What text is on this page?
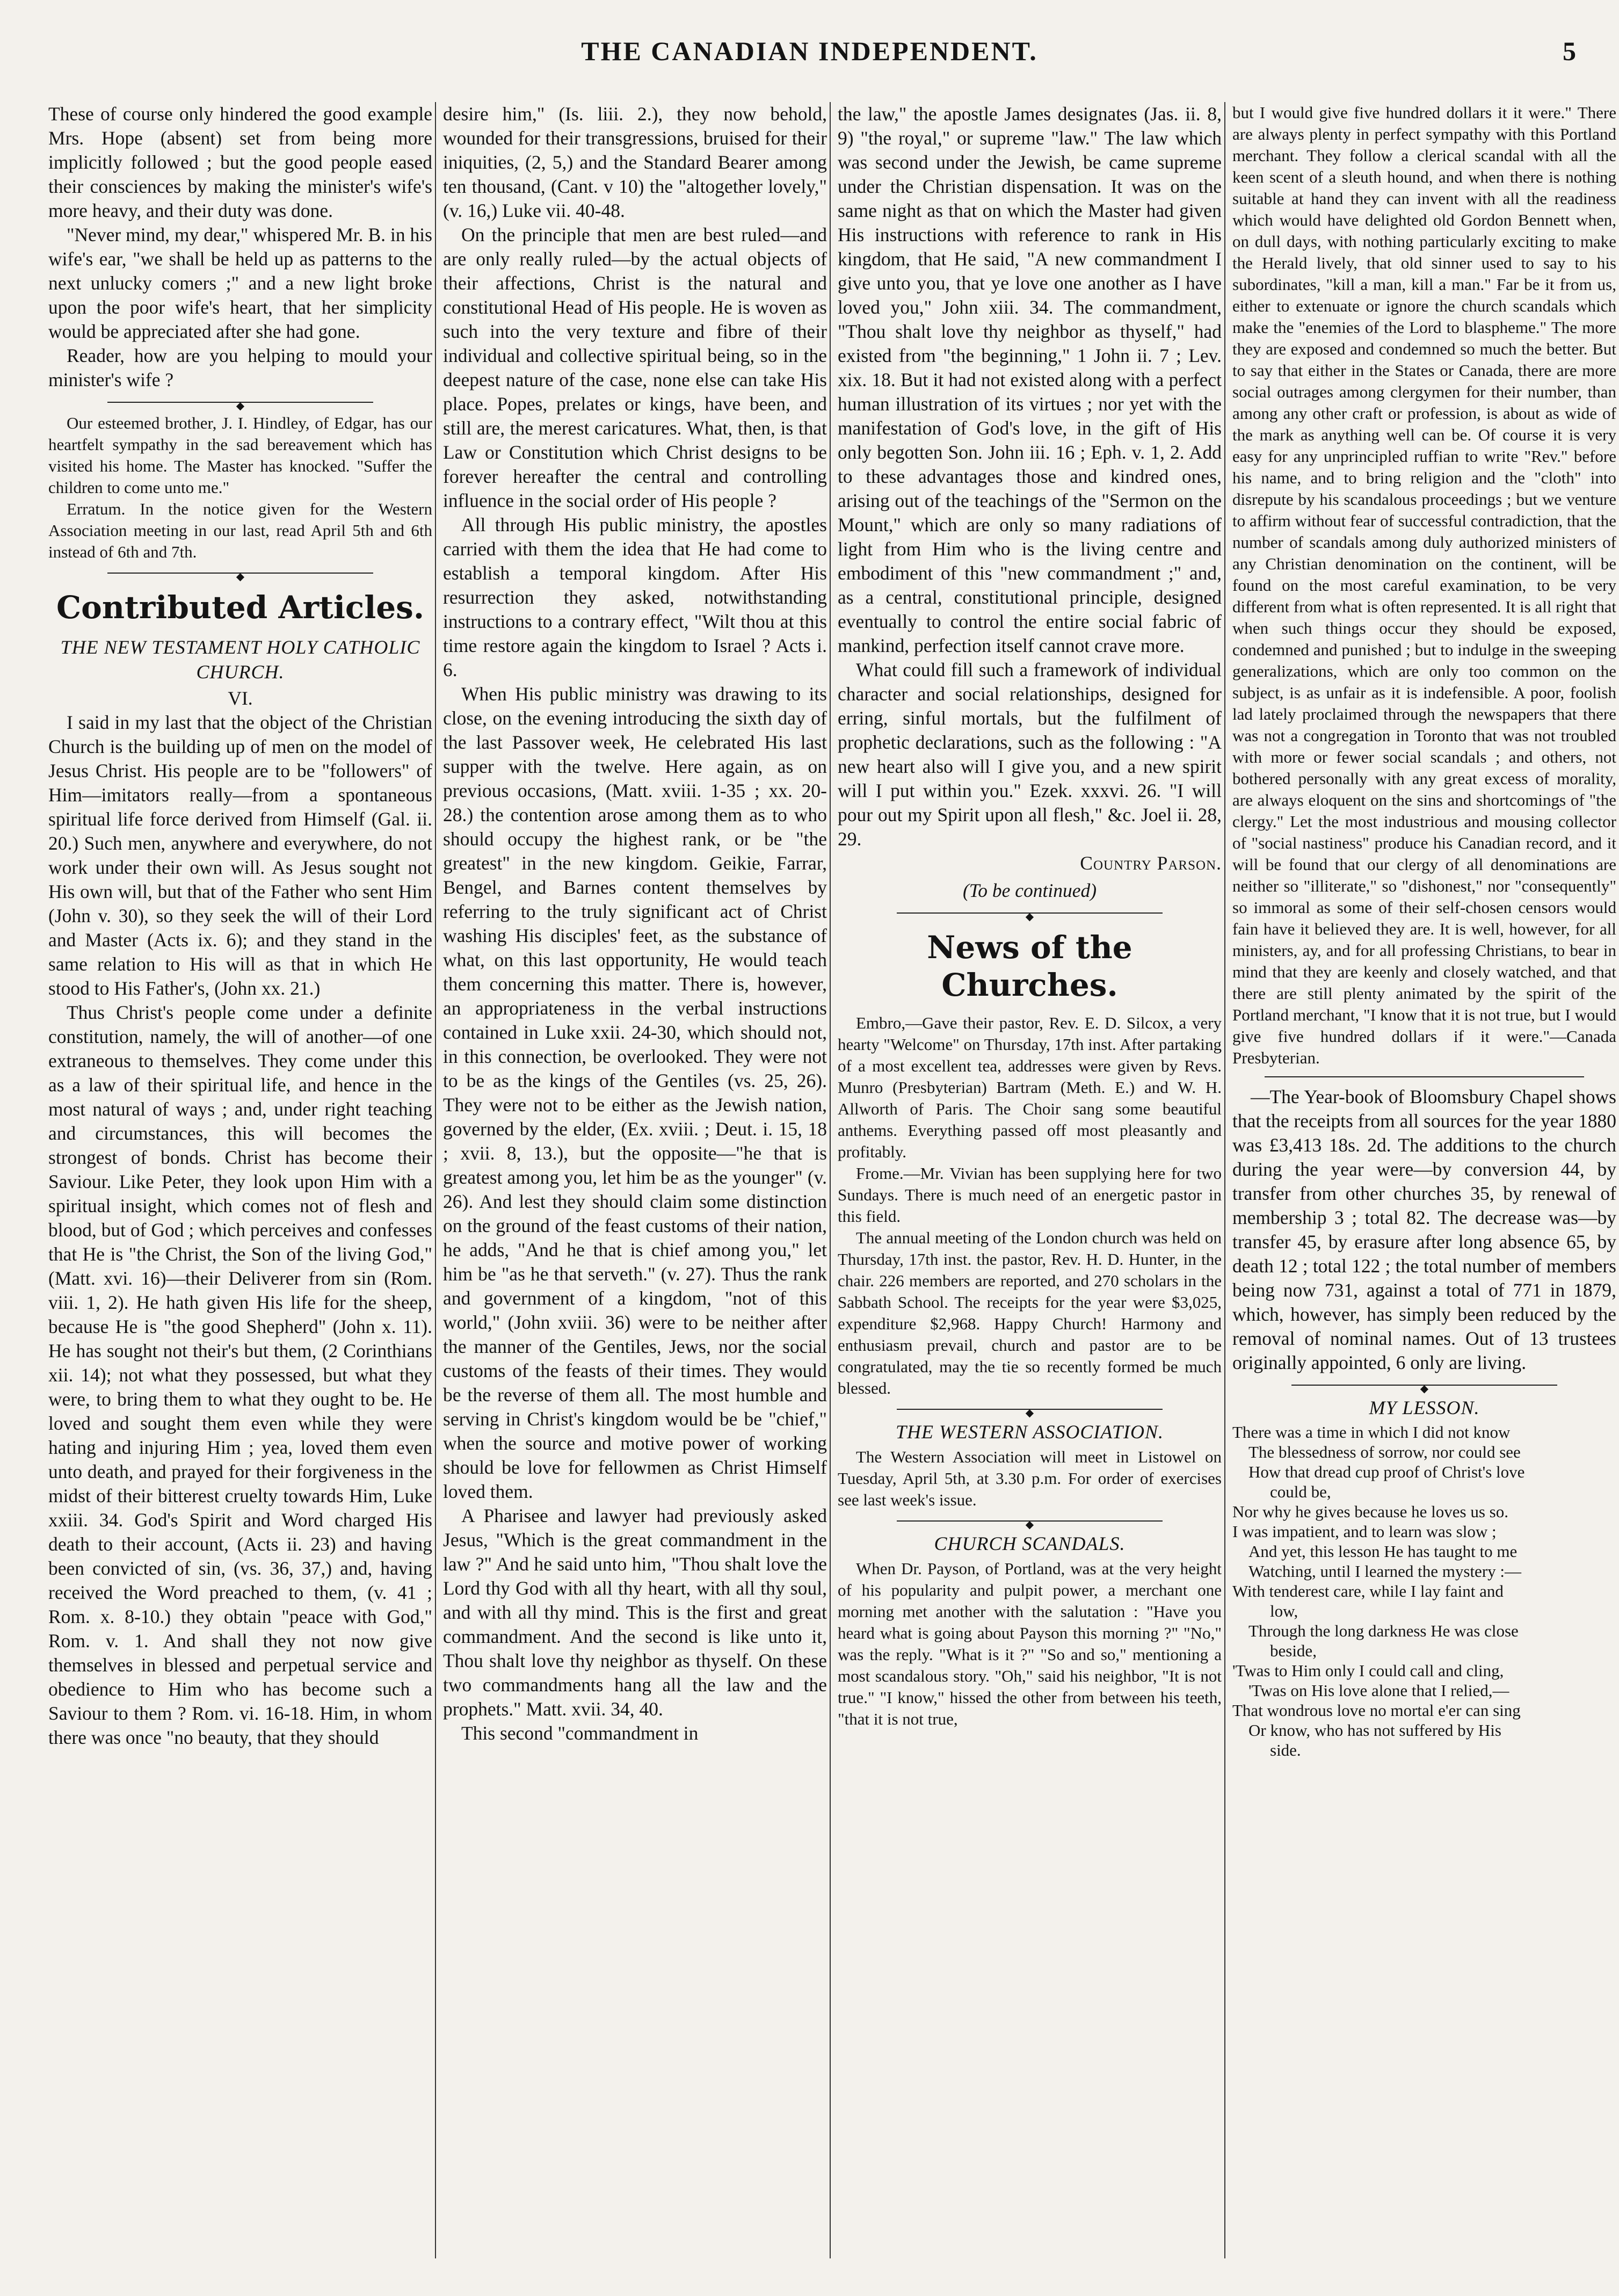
THE CANADIAN INDEPENDENT.	5

These of course only hindered the good example Mrs. Hope (absent) set from being more implicitly followed ; but the good people eased their consciences by making the minister's wife's more heavy, and their duty was done.

"Never mind, my dear," whispered Mr. B. in his wife's ear, "we shall be held up as patterns to the next unlucky comers ;" and a new light broke upon the poor wife's heart, that her simplicity would be appreciated after she had gone.

Reader, how are you helping to mould your minister's wife ?

◆

Our esteemed brother, J. I. Hindley, of Edgar, has our heartfelt sympathy in the sad bereavement which has visited his home. The Master has knocked. "Suffer the children to come unto me."

Erratum. In the notice given for the Western Association meeting in our last, read April 5th and 6th instead of 6th and 7th.

◆
Contributed Articles.
THE NEW TESTAMENT HOLY CATHOLIC CHURCH.

VI.

I said in my last that the object of the Christian Church is the building up of men on the model of Jesus Christ. His people are to be "followers" of Him—imitators really—from a spontaneous spiritual life force derived from Himself (Gal. ii. 20.) Such men, anywhere and everywhere, do not work under their own will. As Jesus sought not His own will, but that of the Father who sent Him (John v. 30), so they seek the will of their Lord and Master (Acts ix. 6); and they stand in the same relation to His will as that in which He stood to His Father's, (John xx. 21.)

Thus Christ's people come under a definite constitution, namely, the will of another—of one extraneous to themselves. They come under this as a law of their spiritual life, and hence in the most natural of ways ; and, under right teaching and circumstances, this will becomes the strongest of bonds. Christ has become their Saviour. Like Peter, they look upon Him with a spiritual insight, which comes not of flesh and blood, but of God ; which perceives and confesses that He is "the Christ, the Son of the living God," (Matt. xvi. 16)—their Deliverer from sin (Rom. viii. 1, 2). He hath given His life for the sheep, because He is "the good Shepherd" (John x. 11). He has sought not their's but them, (2 Corinthians xii. 14); not what they possessed, but what they were, to bring them to what they ought to be. He loved and sought them even while they were hating and injuring Him ; yea, loved them even unto death, and prayed for their forgiveness in the midst of their bitterest cruelty towards Him, Luke xxiii. 34. God's Spirit and Word charged His death to their account, (Acts ii. 23) and having been convicted of sin, (vs. 36, 37,) and, having received the Word preached to them, (v. 41 ; Rom. x. 8-10.) they obtain "peace with God," Rom. v. 1. And shall they not now give themselves in blessed and perpetual service and obedience to Him who has become such a Saviour to them ? Rom. vi. 16-18. Him, in whom there was once "no beauty, that they should

desire him," (Is. liii. 2.), they now behold, wounded for their transgressions, bruised for their iniquities, (2, 5,) and the Standard Bearer among ten thousand, (Cant. v 10) the "altogether lovely," (v. 16,) Luke vii. 40-48.

On the principle that men are best ruled—and are only really ruled—by the actual objects of their affections, Christ is the natural and constitutional Head of His people. He is woven as such into the very texture and fibre of their individual and collective spiritual being, so in the deepest nature of the case, none else can take His place. Popes, prelates or kings, have been, and still are, the merest caricatures. What, then, is that Law or Constitution which Christ designs to be forever hereafter the central and controlling influence in the social order of His people ?

All through His public ministry, the apostles carried with them the idea that He had come to establish a temporal kingdom. After His resurrection they asked, notwithstanding instructions to a contrary effect, "Wilt thou at this time restore again the kingdom to Israel ? Acts i. 6.

When His public ministry was drawing to its close, on the evening introducing the sixth day of the last Passover week, He celebrated His last supper with the twelve. Here again, as on previous occasions, (Matt. xviii. 1-35 ; xx. 20-28.) the contention arose among them as to who should occupy the highest rank, or be "the greatest" in the new kingdom. Geikie, Farrar, Bengel, and Barnes content themselves by referring to the truly significant act of Christ washing His disciples' feet, as the substance of what, on this last opportunity, He would teach them concerning this matter. There is, however, an appropriateness in the verbal instructions contained in Luke xxii. 24-30, which should not, in this connection, be overlooked. They were not to be as the kings of the Gentiles (vs. 25, 26). They were not to be either as the Jewish nation, governed by the elder, (Ex. xviii. ; Deut. i. 15, 18 ; xvii. 8, 13.), but the opposite—"he that is greatest among you, let him be as the younger" (v. 26). And lest they should claim some distinction on the ground of the feast customs of their nation, he adds, "And he that is chief among you," let him be "as he that serveth." (v. 27). Thus the rank and government of a kingdom, "not of this world," (John xviii. 36) were to be neither after the manner of the Gentiles, Jews, nor the social customs of the feasts of their times. They would be the reverse of them all. The most humble and serving in Christ's kingdom would be be "chief," when the source and motive power of working should be love for fellowmen as Christ Himself loved them.

A Pharisee and lawyer had previously asked Jesus, "Which is the great commandment in the law ?" And he said unto him, "Thou shalt love the Lord thy God with all thy heart, with all thy soul, and with all thy mind. This is the first and great commandment. And the second is like unto it, Thou shalt love thy neighbor as thyself. On these two commandments hang all the law and the prophets." Matt. xvii. 34, 40.

This second "commandment in

the law," the apostle James designates (Jas. ii. 8, 9) "the royal," or supreme "law." The law which was second under the Jewish, be came supreme under the Christian dispensation. It was on the same night as that on which the Master had given His instructions with reference to rank in His kingdom, that He said, "A new commandment I give unto you, that ye love one another as I have loved you," John xiii. 34. The commandment, "Thou shalt love thy neighbor as thyself," had existed from "the beginning," 1 John ii. 7 ; Lev. xix. 18. But it had not existed along with a perfect human illustration of its virtues ; nor yet with the manifestation of God's love, in the gift of His only begotten Son. John iii. 16 ; Eph. v. 1, 2. Add to these advantages those and kindred ones, arising out of the teachings of the "Sermon on the Mount," which are only so many radiations of light from Him who is the living centre and embodiment of this "new commandment ;" and, as a central, constitutional principle, designed eventually to control the entire social fabric of mankind, perfection itself cannot crave more.

What could fill such a framework of individual character and social relationships, designed for erring, sinful mortals, but the fulfilment of prophetic declarations, such as the following : "A new heart also will I give you, and a new spirit will I put within you." Ezek. xxxvi. 26. "I will pour out my Spirit upon all flesh," &c. Joel ii. 28, 29.

Country Parson.

(To be continued)

◆
News of the Churches.

Embro,—Gave their pastor, Rev. E. D. Silcox, a very hearty "Welcome" on Thursday, 17th inst. After partaking of a most excellent tea, addresses were given by Revs. Munro (Presbyterian) Bartram (Meth. E.) and W. H. Allworth of Paris. The Choir sang some beautiful anthems. Everything passed off most pleasantly and profitably.

Frome.—Mr. Vivian has been supplying here for two Sundays. There is much need of an energetic pastor in this field.

The annual meeting of the London church was held on Thursday, 17th inst. the pastor, Rev. H. D. Hunter, in the chair. 226 members are reported, and 270 scholars in the Sabbath School. The receipts for the year were $3,025, expenditure $2,968. Happy Church! Harmony and enthusiasm prevail, church and pastor are to be congratulated, may the tie so recently formed be much blessed.

◆
THE WESTERN ASSOCIATION.

The Western Association will meet in Listowel on Tuesday, April 5th, at 3.30 p.m. For order of exercises see last week's issue.

◆
CHURCH SCANDALS.

When Dr. Payson, of Portland, was at the very height of his popularity and pulpit power, a merchant one morning met another with the salutation : "Have you heard what is going about Payson this morning ?" "No," was the reply. "What is it ?" "So and so," mentioning a most scandalous story. "Oh," said his neighbor, "It is not true." "I know," hissed the other from between his teeth, "that it is not true,

but I would give five hundred dollars it it were." There are always plenty in perfect sympathy with this Portland merchant. They follow a clerical scandal with all the keen scent of a sleuth hound, and when there is nothing suitable at hand they can invent with all the readiness which would have delighted old Gordon Bennett when, on dull days, with nothing particularly exciting to make the Herald lively, that old sinner used to say to his subordinates, "kill a man, kill a man." Far be it from us, either to extenuate or ignore the church scandals which make the "enemies of the Lord to blaspheme." The more they are exposed and condemned so much the better. But to say that either in the States or Canada, there are more social outrages among clergymen for their number, than among any other craft or profession, is about as wide of the mark as anything well can be. Of course it is very easy for any unprincipled ruffian to write "Rev." before his name, and to bring religion and the "cloth" into disrepute by his scandalous proceedings ; but we venture to affirm without fear of successful contradiction, that the number of scandals among duly authorized ministers of any Christian denomination on the continent, will be found on the most careful examination, to be very different from what is often represented. It is all right that when such things occur they should be exposed, condemned and punished ; but to indulge in the sweeping generalizations, which are only too common on the subject, is as unfair as it is indefensible. A poor, foolish lad lately proclaimed through the newspapers that there was not a congregation in Toronto that was not troubled with more or fewer social scandals ; and others, not bothered personally with any great excess of morality, are always eloquent on the sins and shortcomings of "the clergy." Let the most industrious and mousing collector of "social nastiness" produce his Canadian record, and it will be found that our clergy of all denominations are neither so "illiterate," so "dishonest," nor "consequently" so immoral as some of their self-chosen censors would fain have it believed they are. It is well, however, for all ministers, ay, and for all professing Christians, to bear in mind that they are keenly and closely watched, and that there are still plenty animated by the spirit of the Portland merchant, "I know that it is not true, but I would give five hundred dollars if it were."—Canada Presbyterian.

—The Year-book of Bloomsbury Chapel shows that the receipts from all sources for the year 1880 was £3,413 18s. 2d. The additions to the church during the year were—by conversion 44, by transfer from other churches 35, by renewal of membership 3 ; total 82. The decrease was—by transfer 45, by erasure after long absence 65, by death 12 ; total 122 ; the total number of members being now 731, against a total of 771 in 1879, which, however, has simply been reduced by the removal of nominal names. Out of 13 trustees originally appointed, 6 only are living.

◆
MY LESSON.
There was a time in which I did not know
The blessedness of sorrow, nor could see
How that dread cup proof of Christ's love
could be,
Nor why he gives because he loves us so.
I was impatient, and to learn was slow ;
And yet, this lesson He has taught to me
Watching, until I learned the mystery :—
With tenderest care, while I lay faint and
low,
Through the long darkness He was close
beside,
'Twas to Him only I could call and cling,
'Twas on His love alone that I relied,—
That wondrous love no mortal e'er can sing
Or know, who has not suffered by His
side.
